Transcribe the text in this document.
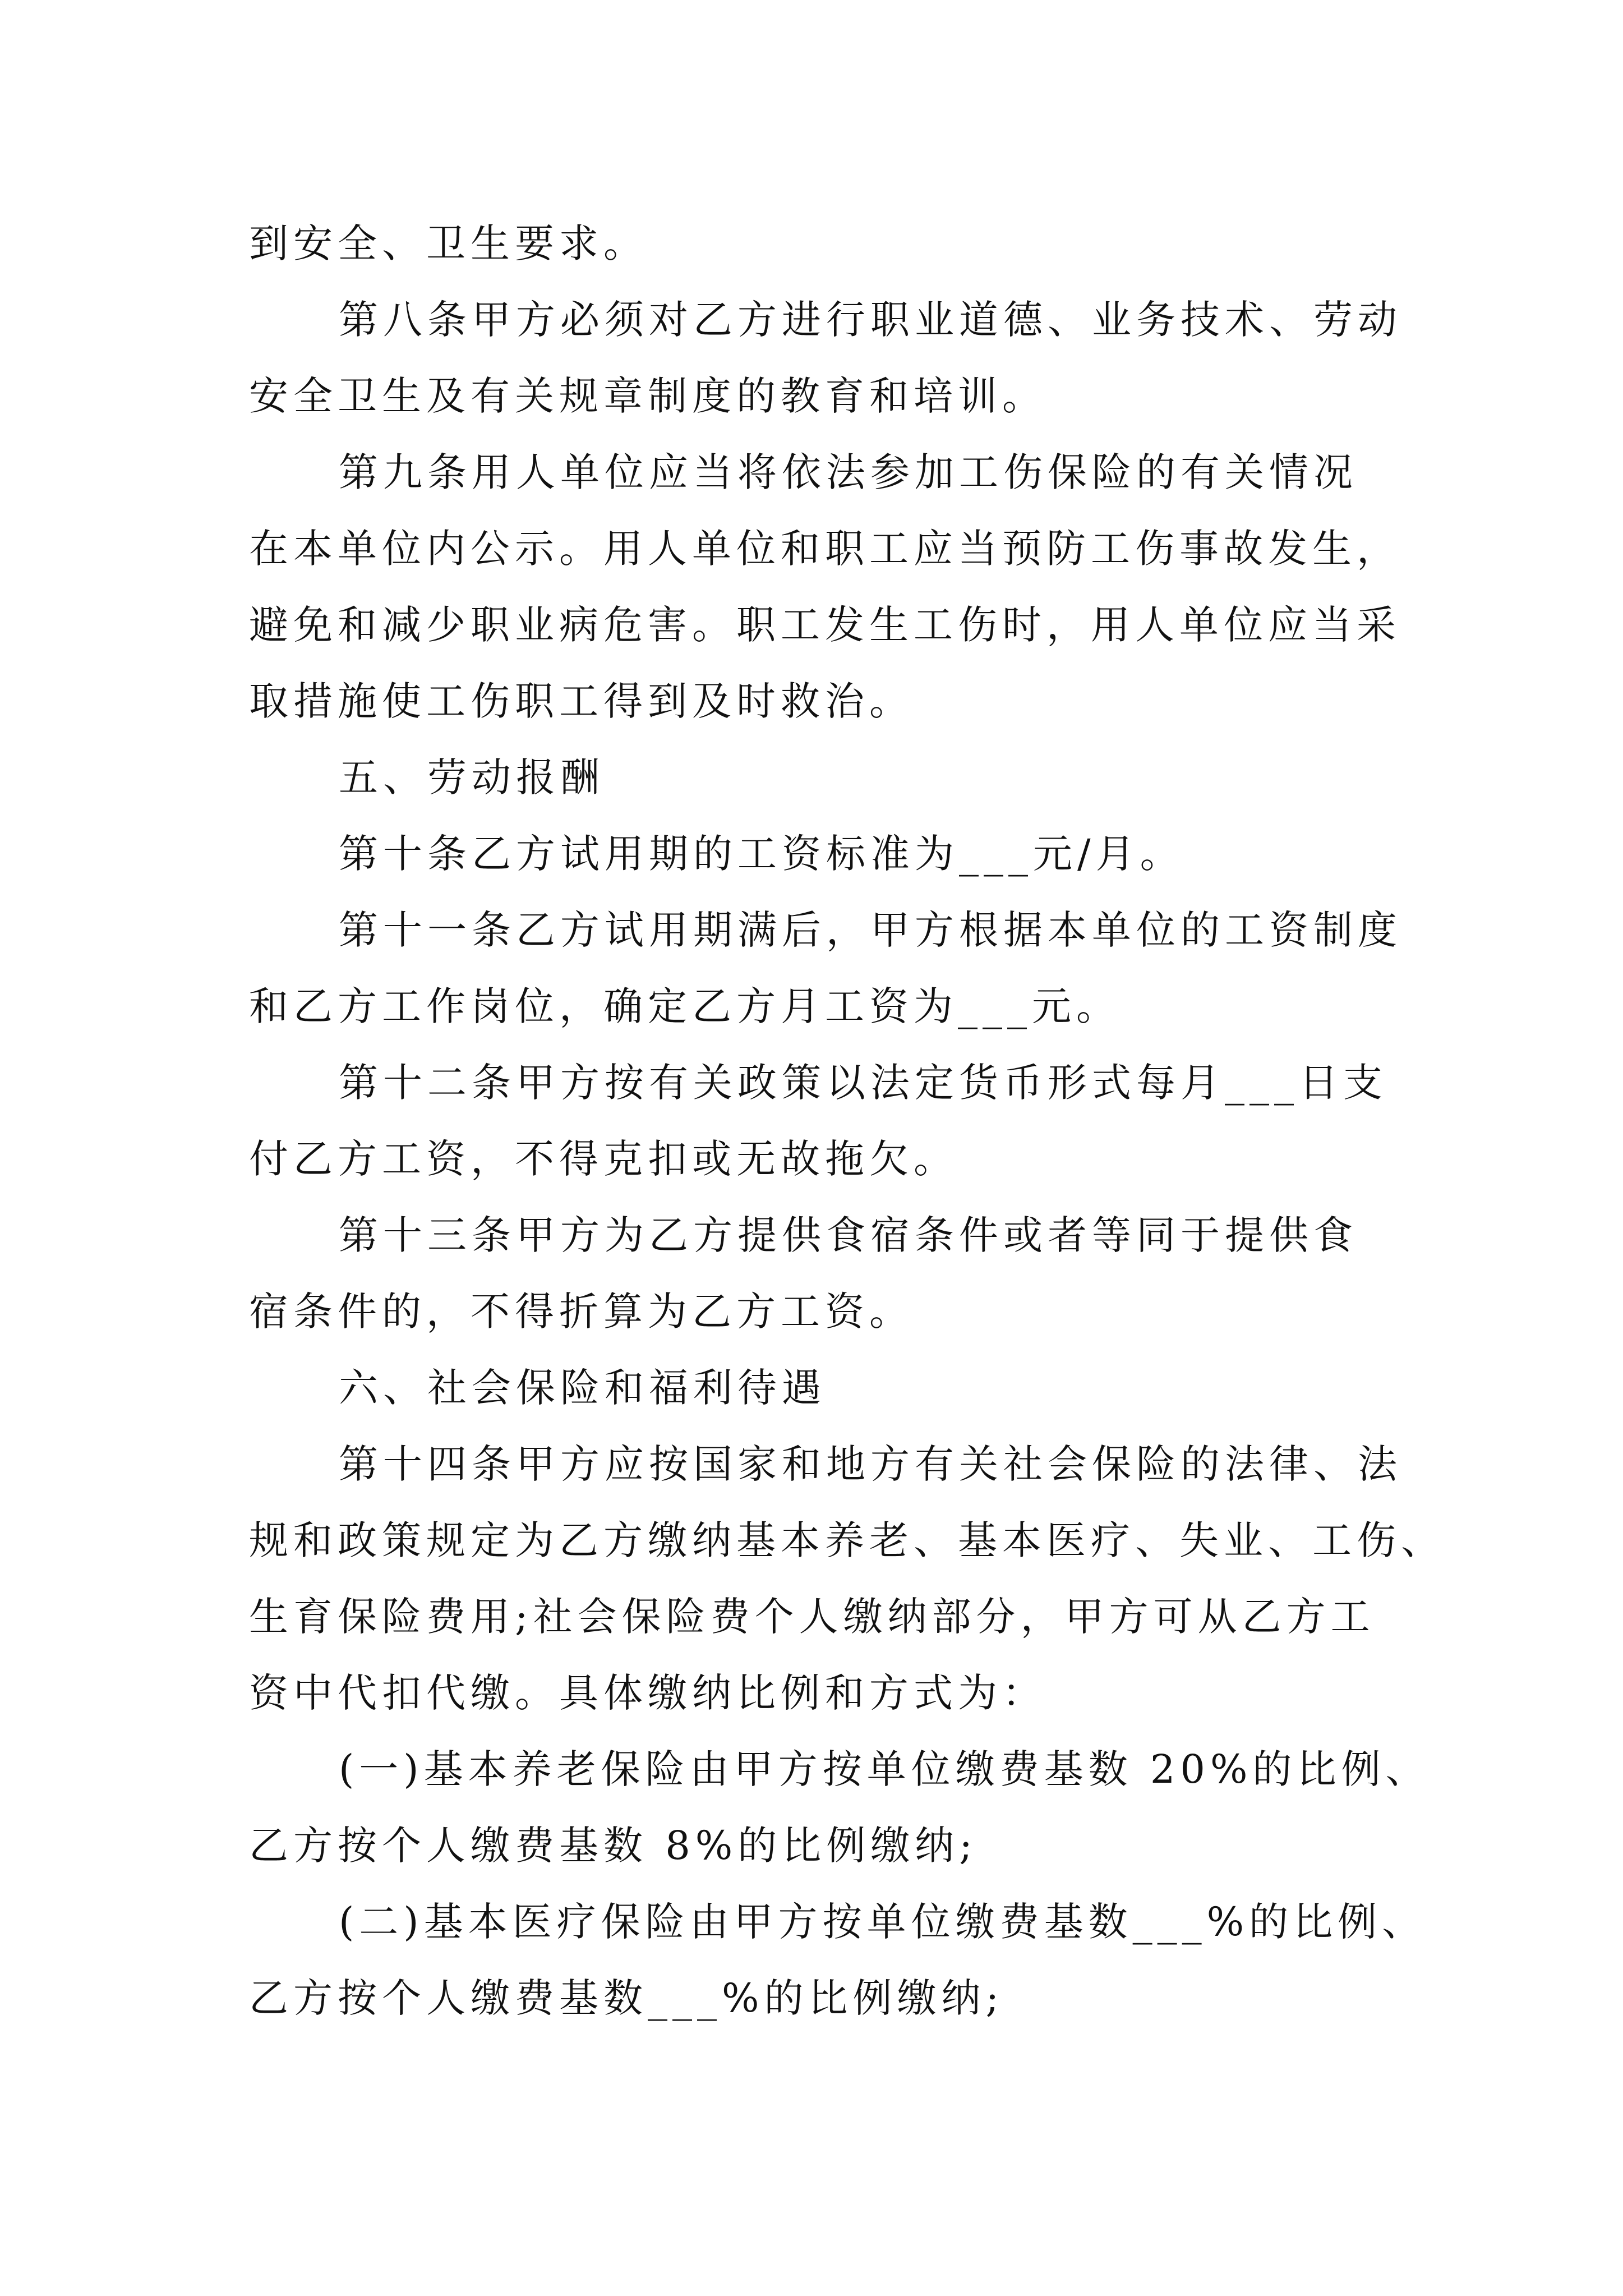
到安全、卫生要求。
第八条甲方必须对乙方进行职业道德、业务技术、劳动
安全卫生及有关规章制度的教育和培训。
第九条用人单位应当将依法参加工伤保险的有关情况
在本单位内公示。用人单位和职工应当预防工伤事故发生，
避免和减少职业病危害。职工发生工伤时，用人单位应当采
取措施使工伤职工得到及时救治。
五、劳动报酬
第十条乙方试用期的工资标准为___元/月。
第十一条乙方试用期满后，甲方根据本单位的工资制度
和乙方工作岗位，确定乙方月工资为___元。
第十二条甲方按有关政策以法定货币形式每月___日支
付乙方工资，不得克扣或无故拖欠。
第十三条甲方为乙方提供食宿条件或者等同于提供食
宿条件的，不得折算为乙方工资。
六、社会保险和福利待遇
第十四条甲方应按国家和地方有关社会保险的法律、法
规和政策规定为乙方缴纳基本养老、基本医疗、失业、工伤、
生育保险费用;社会保险费个人缴纳部分，甲方可从乙方工
资中代扣代缴。具体缴纳比例和方式为：
(一)基本养老保险由甲方按单位缴费基数 20%的比例、
乙方按个人缴费基数 8%的比例缴纳;
(二)基本医疗保险由甲方按单位缴费基数___%的比例、
乙方按个人缴费基数___%的比例缴纳;
